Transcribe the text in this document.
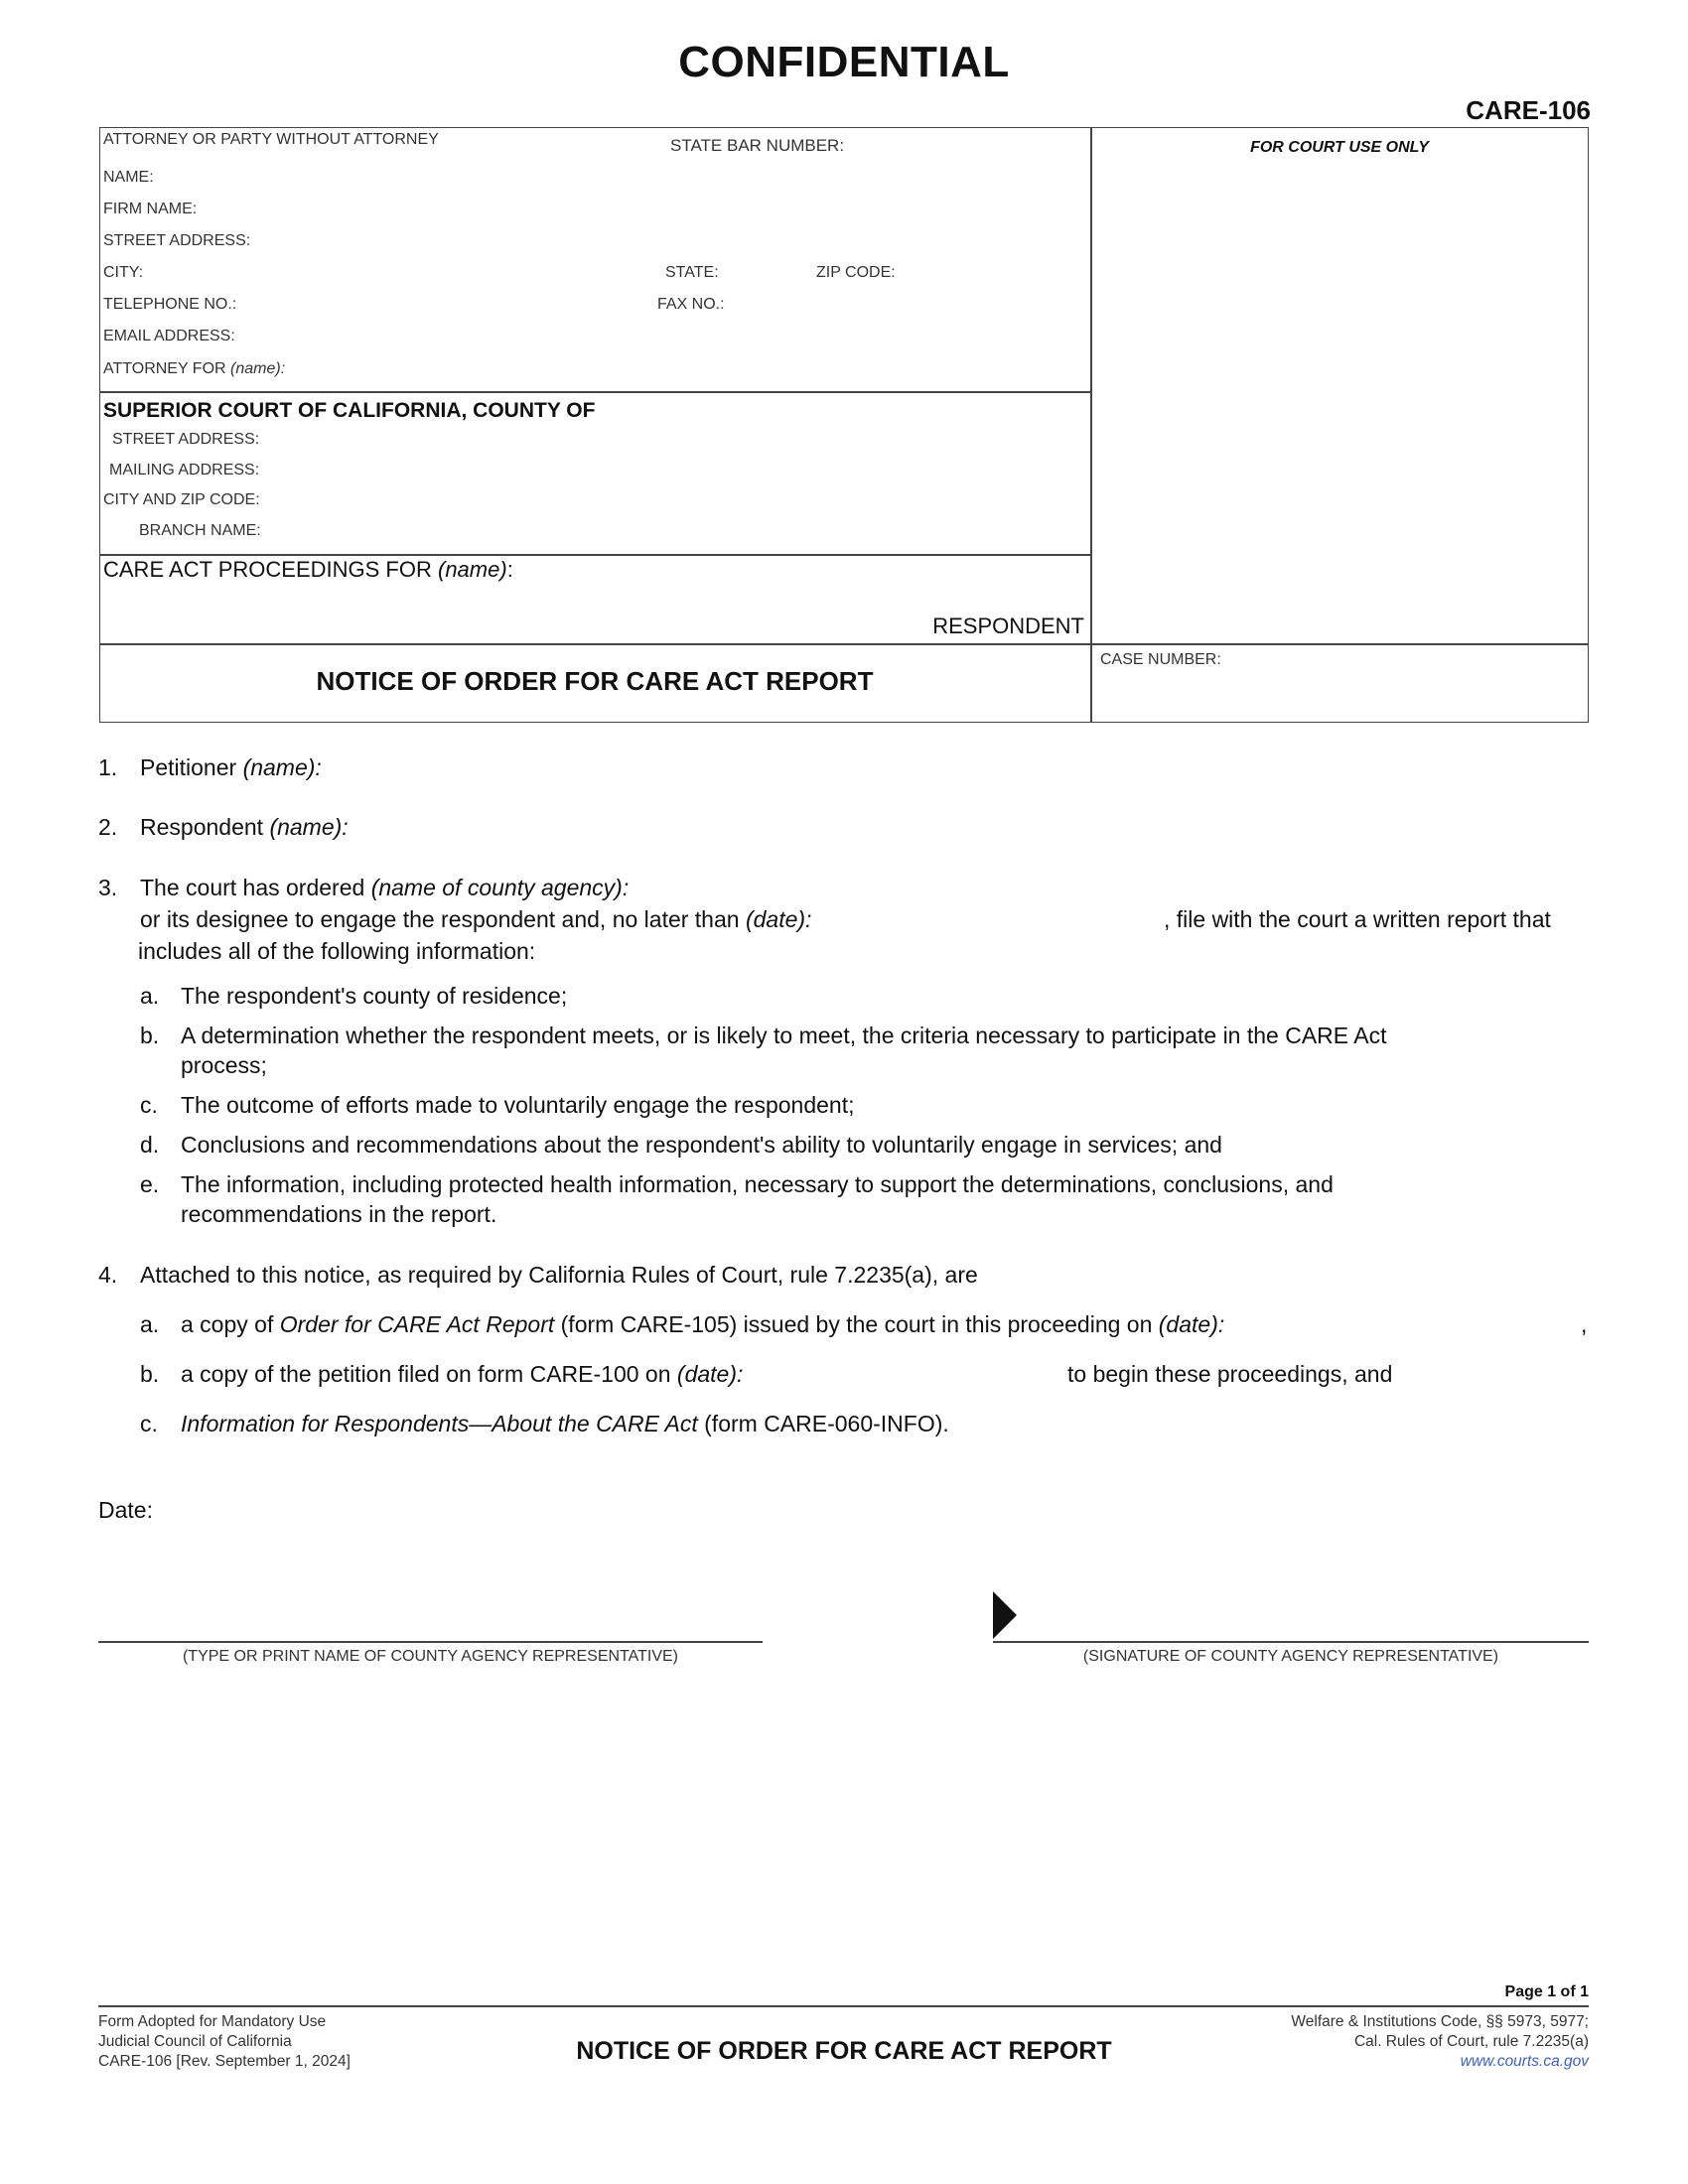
CONFIDENTIAL
CARE-106
ATTORNEY OR PARTY WITHOUT ATTORNEY	STATE BAR NUMBER:
NAME:
FIRM NAME:
STREET ADDRESS:
CITY:	STATE:	ZIP CODE:
TELEPHONE NO.:	FAX NO.:
EMAIL ADDRESS:
ATTORNEY FOR (name):
FOR COURT USE ONLY
SUPERIOR COURT OF CALIFORNIA, COUNTY OF
STREET ADDRESS:
MAILING ADDRESS:
CITY AND ZIP CODE:
BRANCH NAME:
CARE ACT PROCEEDINGS FOR (name):
RESPONDENT
NOTICE OF ORDER FOR CARE ACT REPORT
CASE NUMBER:
1. Petitioner (name):
2. Respondent (name):
3. The court has ordered (name of county agency):
or its designee to engage the respondent and, no later than (date):	, file with the court a written report that
includes all of the following information:
a. The respondent's county of residence;
b. A determination whether the respondent meets, or is likely to meet, the criteria necessary to participate in the CARE Act
process;
c. The outcome of efforts made to voluntarily engage the respondent;
d. Conclusions and recommendations about the respondent's ability to voluntarily engage in services; and
e. The information, including protected health information, necessary to support the determinations, conclusions, and
recommendations in the report.
4. Attached to this notice, as required by California Rules of Court, rule 7.2235(a), are
a. a copy of Order for CARE Act Report (form CARE-105) issued by the court in this proceeding on (date):	,
b. a copy of the petition filed on form CARE-100 on (date):	to begin these proceedings, and
c. Information for Respondents—About the CARE Act (form CARE-060-INFO).
Date:
(TYPE OR PRINT NAME OF COUNTY AGENCY REPRESENTATIVE)	(SIGNATURE OF COUNTY AGENCY REPRESENTATIVE)
Page 1 of 1
Form Adopted for Mandatory Use
Judicial Council of California
CARE-106 [Rev. September 1, 2024]	NOTICE OF ORDER FOR CARE ACT REPORT
Welfare & Institutions Code, §§ 5973, 5977;
Cal. Rules of Court, rule 7.2235(a)
www.courts.ca.gov
